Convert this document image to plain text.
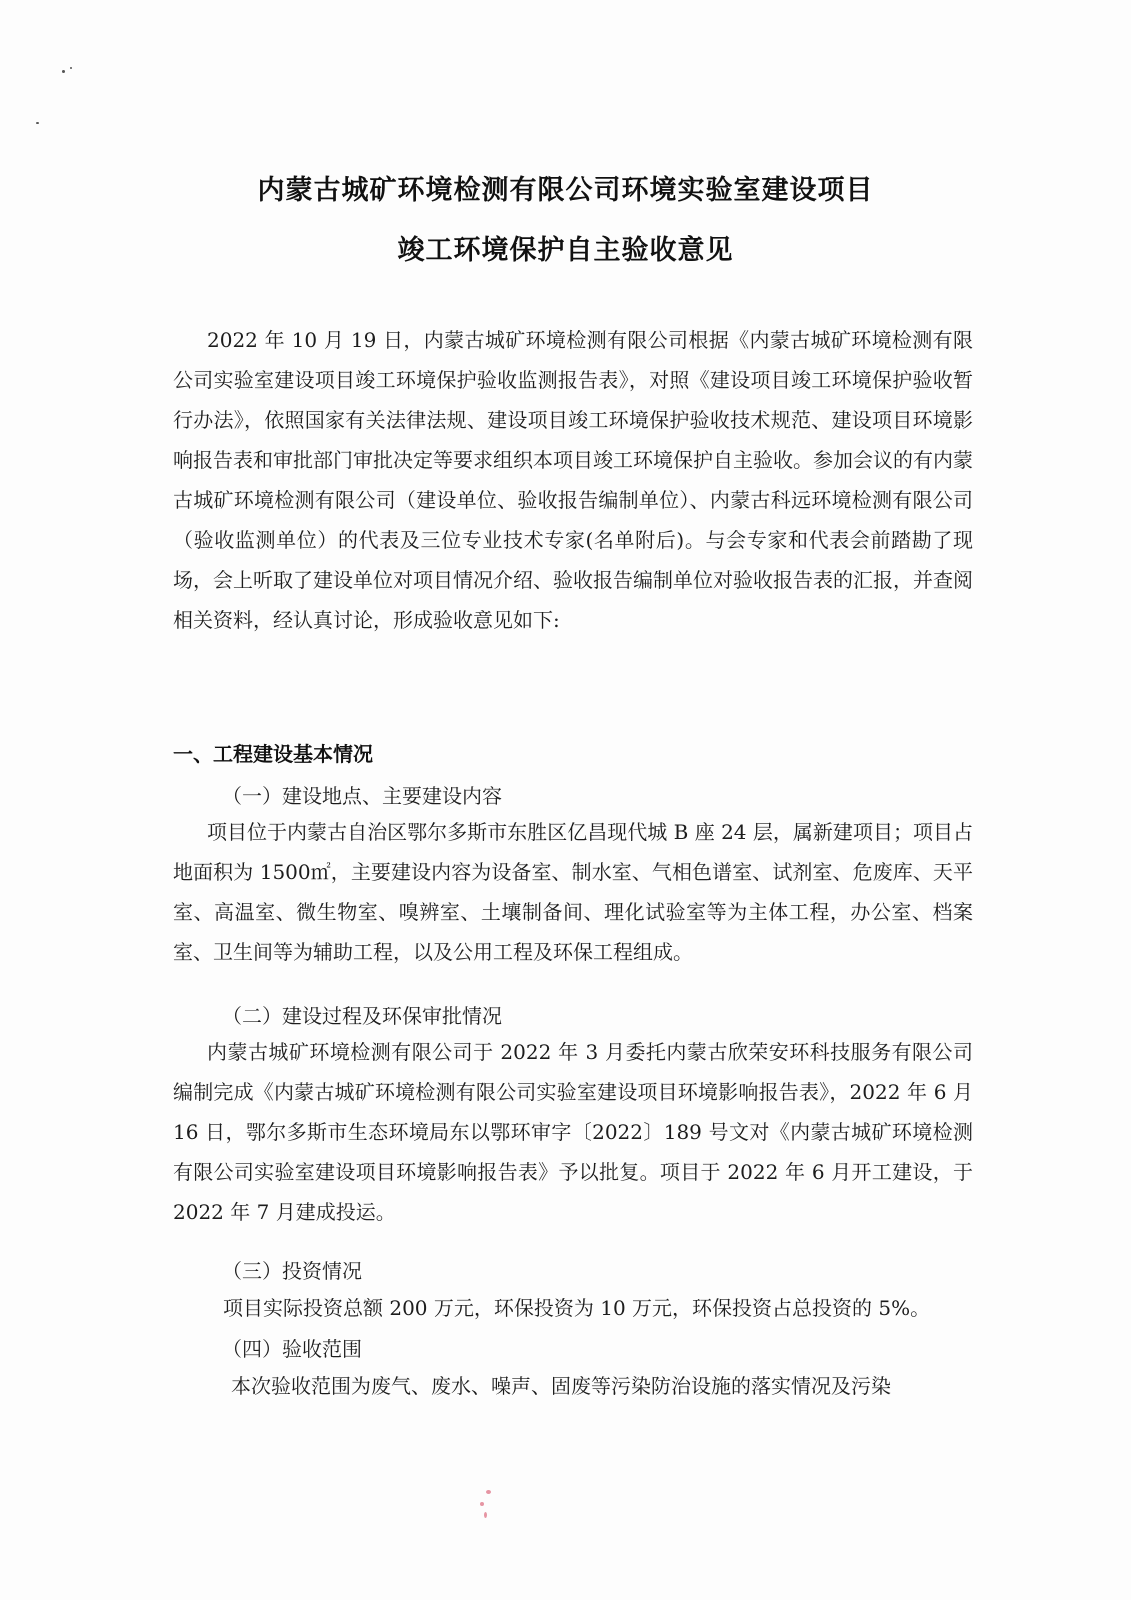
内蒙古城矿环境检测有限公司环境实验室建设项目
竣工环境保护自主验收意见

2022 年 10 月 19 日，内蒙古城矿环境检测有限公司根据《内蒙古城矿环境检测有限公司实验室建设项目竣工环境保护验收监测报告表》，对照《建设项目竣工环境保护验收暂行办法》，依照国家有关法律法规、建设项目竣工环境保护验收技术规范、建设项目环境影响报告表和审批部门审批决定等要求组织本项目竣工环境保护自主验收。参加会议的有内蒙古城矿环境检测有限公司（建设单位、验收报告编制单位）、内蒙古科远环境检测有限公司（验收监测单位）的代表及三位专业技术专家(名单附后)。与会专家和代表会前踏勘了现场，会上听取了建设单位对项目情况介绍、验收报告编制单位对验收报告表的汇报，并查阅相关资料，经认真讨论，形成验收意见如下:

一、工程建设基本情况
（一）建设地点、主要建设内容

项目位于内蒙古自治区鄂尔多斯市东胜区亿昌现代城 B 座 24 层，属新建项目；项目占地面积为 1500㎡，主要建设内容为设备室、制水室、气相色谱室、试剂室、危废库、天平室、高温室、微生物室、嗅辨室、土壤制备间、理化试验室等为主体工程，办公室、档案室、卫生间等为辅助工程，以及公用工程及环保工程组成。

（二）建设过程及环保审批情况

内蒙古城矿环境检测有限公司于 2022 年 3 月委托内蒙古欣荣安环科技服务有限公司编制完成《内蒙古城矿环境检测有限公司实验室建设项目环境影响报告表》，2022 年 6 月 16 日，鄂尔多斯市生态环境局东以鄂环审字〔2022〕189 号文对《内蒙古城矿环境检测有限公司实验室建设项目环境影响报告表》予以批复。项目于 2022 年 6 月开工建设，于 2022 年 7 月建成投运。

（三）投资情况

项目实际投资总额 200 万元，环保投资为 10 万元，环保投资占总投资的 5%。

（四）验收范围

本次验收范围为废气、废水、噪声、固废等污染防治设施的落实情况及污染
